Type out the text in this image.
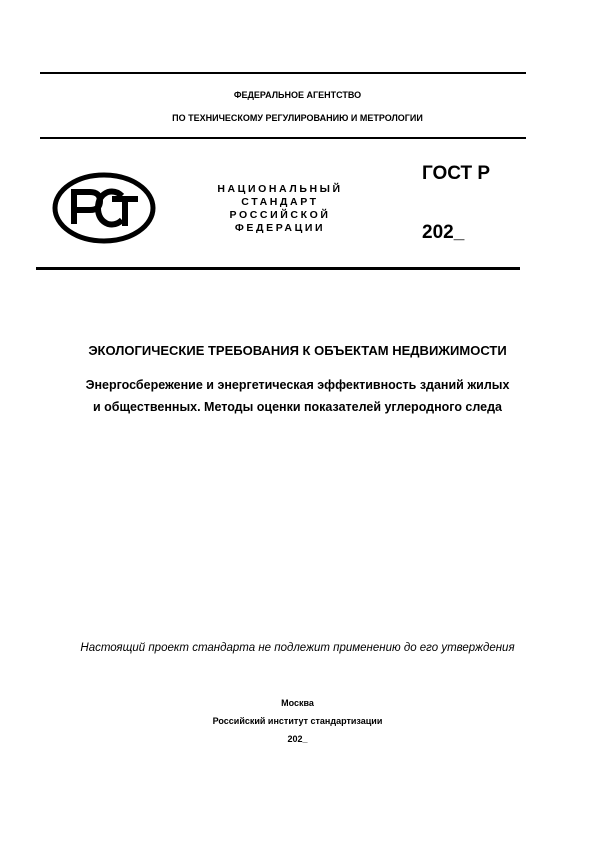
ФЕДЕРАЛЬНОЕ АГЕНТСТВО
ПО ТЕХНИЧЕСКОМУ РЕГУЛИРОВАНИЮ И МЕТРОЛОГИИ
НАЦИОНАЛЬНЫЙ
СТАНДАРТ
РОССИЙСКОЙ
ФЕДЕРАЦИИ
ГОСТ Р
202_
ЭКОЛОГИЧЕСКИЕ ТРЕБОВАНИЯ К ОБЪЕКТАМ НЕДВИЖИМОСТИ
Энергосбережение и энергетическая эффективность зданий жилых
и общественных. Методы оценки показателей углеродного следа
Настоящий проект стандарта не подлежит применению до его утверждения
Москва
Российский институт стандартизации
202_
